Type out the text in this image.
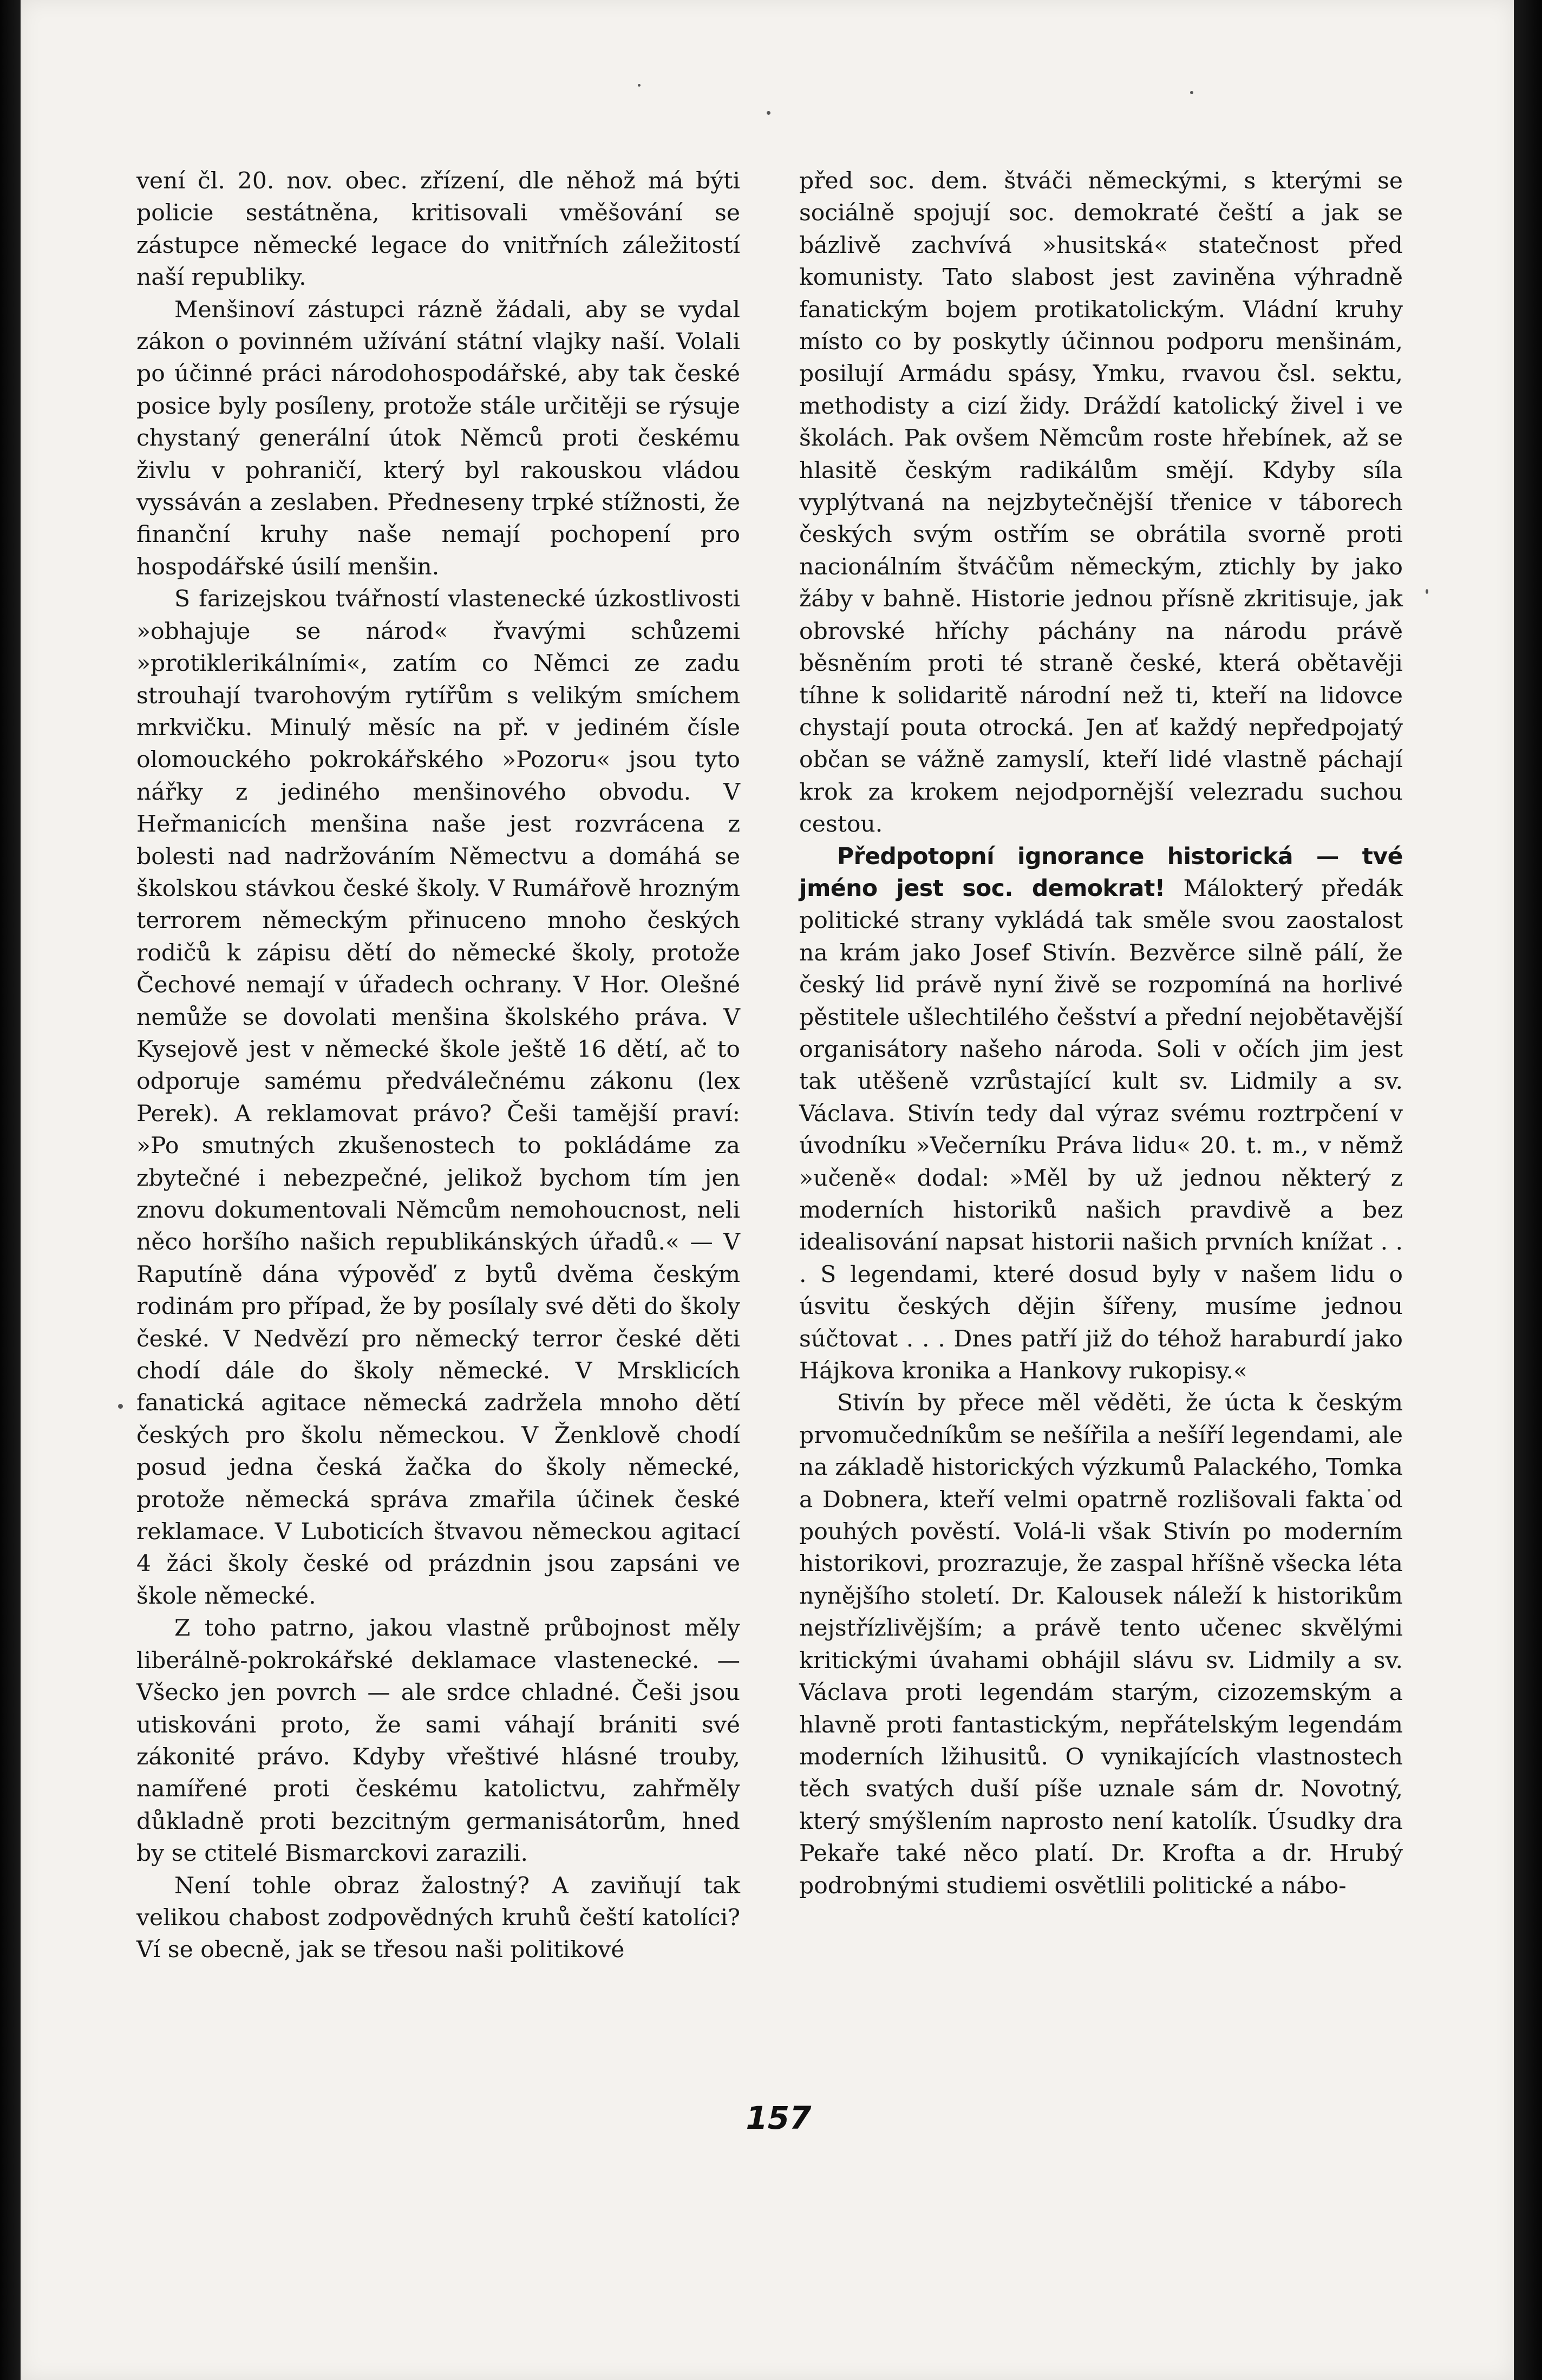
vení čl. 20. nov. obec. zřízení, dle něhož má býti policie sestátněna, kritisovali vměšování se zástupce německé legace do vnitřních záležitostí naší republiky.

Menšinoví zástupci rázně žádali, aby se vydal zákon o povinném užívání státní vlajky naší. Volali po účinné práci národohospodářské, aby tak české posice byly posíleny, protože stále určitěji se rýsuje chystaný generální útok Němců proti českému živlu v pohraničí, který byl rakouskou vládou vyssáván a zeslaben. Předneseny trpké stížnosti, že finanční kruhy naše nemají pochopení pro hospodářské úsilí menšin.

S farizejskou tvářností vlastenecké úzkostlivosti »obhajuje se národ« řvavými schůzemi »protiklerikálními«, zatím co Němci ze zadu strouhají tvarohovým rytířům s velikým smíchem mrkvičku. Minulý měsíc na př. v jediném čísle olomouckého pokrokářského »Pozoru« jsou tyto nářky z jediného menšinového obvodu. V Heřmanicích menšina naše jest rozvrácena z bolesti nad nadržováním Němectvu a domáhá se školskou stávkou české školy. V Rumářově hrozným terrorem německým přinuceno mnoho českých rodičů k zápisu dětí do německé školy, protože Čechové nemají v úřadech ochrany. V Hor. Olešné nemůže se dovolati menšina školského práva. V Kysejově jest v německé škole ještě 16 dětí, ač to odporuje samému předválečnému zákonu (lex Perek). A reklamovat právo? Češi tamější praví: »Po smutných zkušenostech to pokládáme za zbytečné i nebezpečné, jelikož bychom tím jen znovu dokumentovali Němcům nemohoucnost, neli něco horšího našich republikánských úřadů.« — V Raputíně dána výpověď z bytů dvěma českým rodinám pro případ, že by posílaly své děti do školy české. V Nedvězí pro německý terror české děti chodí dále do školy německé. V Mrsklicích fanatická agitace německá zadržela mnoho dětí českých pro školu německou. V Ženklově chodí posud jedna česká žačka do školy německé, protože německá správa zmařila účinek české reklamace. V Luboticích štvavou německou agitací 4 žáci školy české od prázdnin jsou zapsáni ve škole německé.

Z toho patrno, jakou vlastně průbojnost měly liberálně-pokrokářské deklamace vlastenecké. — Všecko jen povrch — ale srdce chladné. Češi jsou utiskováni proto, že sami váhají brániti své zákonité právo. Kdyby vřeštivé hlásné trouby, namířené proti českému katolictvu, zahřměly důkladně proti bezcitným germanisátorům, hned by se ctitelé Bismarckovi zarazili.

Není tohle obraz žalostný? A zaviňují tak velikou chabost zodpovědných kruhů čeští katolíci? Ví se obecně, jak se třesou naši politikové

před soc. dem. štváči německými, s kterými se sociálně spojují soc. demokraté čeští a jak se bázlivě zachvívá »husitská« statečnost před komunisty. Tato slabost jest zaviněna výhradně fanatickým bojem protikatolickým. Vládní kruhy místo co by poskytly účinnou podporu menšinám, posilují Armádu spásy, Ymku, rvavou čsl. sektu, methodisty a cizí židy. Dráždí katolický živel i ve školách. Pak ovšem Němcům roste hřebínek, až se hlasitě českým radikálům smějí. Kdyby síla vyplýtvaná na nejzbytečnější třenice v táborech českých svým ostřím se obrátila svorně proti nacionálním štváčům německým, ztichly by jako žáby v bahně. Historie jednou přísně zkritisuje, jak obrovské hříchy páchány na národu právě běsněním proti té straně české, která obětavěji tíhne k solidaritě národní než ti, kteří na lidovce chystají pouta otrocká. Jen ať každý nepředpojatý občan se vážně zamyslí, kteří lidé vlastně páchají krok za krokem nejodpornější velezradu suchou cestou.

Předpotopní ignorance historická — tvé jméno jest soc. demokrat! Málokterý předák politické strany vykládá tak směle svou zaostalost na krám jako Josef Stivín. Bezvěrce silně pálí, že český lid právě nyní živě se rozpomíná na horlivé pěstitele ušlechtilého češství a přední nejobětavější organisátory našeho národa. Soli v očích jim jest tak utěšeně vzrůstající kult sv. Lidmily a sv. Václava. Stivín tedy dal výraz svému roztrpčení v úvodníku »Večerníku Práva lidu« 20. t. m., v němž »učeně« dodal: »Měl by už jednou některý z moderních historiků našich pravdivě a bez idealisování napsat historii našich prvních knížat . . . S legendami, které dosud byly v našem lidu o úsvitu českých dějin šířeny, musíme jednou súčtovat . . . Dnes patří již do téhož haraburdí jako Hájkova kronika a Hankovy rukopisy.«

Stivín by přece měl věděti, že úcta k českým prvomučedníkům se nešířila a nešíří legendami, ale na základě historických výzkumů Palackého, Tomka a Dobnera, kteří velmi opatrně rozlišovali fakta od pouhých pověstí. Volá-li však Stivín po moderním historikovi, prozrazuje, že zaspal hříšně všecka léta nynějšího století. Dr. Kalousek náleží k historikům nejstřízlivějším; a právě tento učenec skvělými kritickými úvahami obhájil slávu sv. Lidmily a sv. Václava proti legendám starým, cizozemským a hlavně proti fantastickým, nepřátelským legendám moderních lžihusitů. O vynikajících vlastnostech těch svatých duší píše uznale sám dr. Novotný, který smýšlením naprosto není katolík. Úsudky dra Pekaře také něco platí. Dr. Krofta a dr. Hrubý podrobnými studiemi osvětlili politické a nábo-

157
